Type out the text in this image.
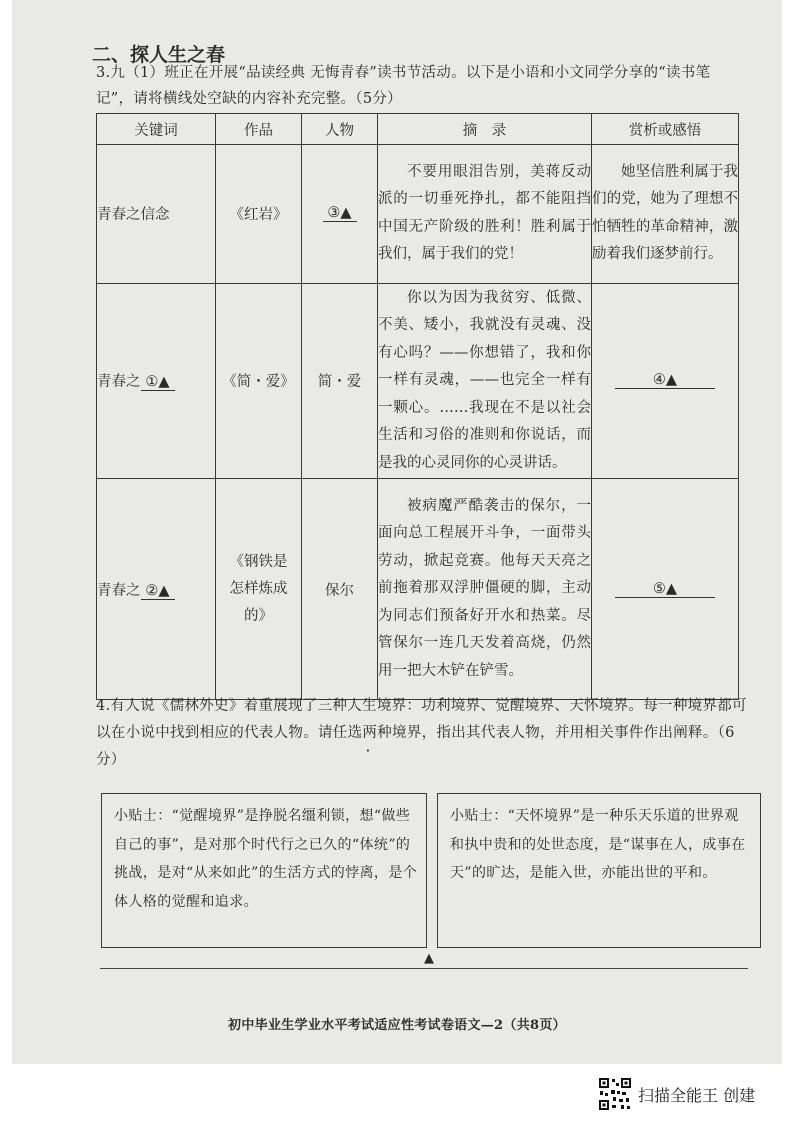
二、探人生之春
3.九（1）班正在开展“品读经典 无悔青春”读书节活动。以下是小语和小文同学分享的“读书笔记”，请将横线处空缺的内容补充完整。（5分）
关键词	作品	人物	摘　录	赏析或感悟
青春之信念	《红岩》	③▲	不要用眼泪告别，美蒋反动派的一切垂死挣扎，都不能阻挡中国无产阶级的胜利！胜利属于我们，属于我们的党！	她坚信胜利属于我们的党，她为了理想不怕牺牲的革命精神，激励着我们逐梦前行。
青春之 ①▲	《简・爱》	简・爱	你以为因为我贫穷、低微、不美、矮小，我就没有灵魂、没有心吗？——你想错了，我和你一样有灵魂，——也完全一样有一颗心。……我现在不是以社会生活和习俗的准则和你说话，而是我的心灵同你的心灵讲话。	④▲
青春之 ②▲	《钢铁是怎样炼成的》	保尔	被病魔严酷袭击的保尔，一面向总工程展开斗争，一面带头劳动，掀起竞赛。他每天天亮之前拖着那双浮肿僵硬的脚，主动为同志们预备好开水和热菜。尽管保尔一连几天发着高烧，仍然用一把大木铲在铲雪。	⑤▲
4.有人说《儒林外史》着重展现了三种人生境界：功利境界、觉醒境界、天怀境界。每一种境界都可以在小说中找到相应的代表人物。请任选两种境界，指出其代表人物，并用相关事件作出阐释。（6分）
小贴士：“觉醒境界”是挣脱名缰利锁，想“做些自己的事”，是对那个时代行之已久的“体统”的挑战，是对“从来如此”的生活方式的悖离，是个体人格的觉醒和追求。
小贴士：“天怀境界”是一种乐天乐道的世界观和执中贵和的处世态度，是“谋事在人，成事在天”的旷达，是能入世，亦能出世的平和。
▲
初中毕业生学业水平考试适应性考试卷语文—2（共8页）
扫描全能王 创建
